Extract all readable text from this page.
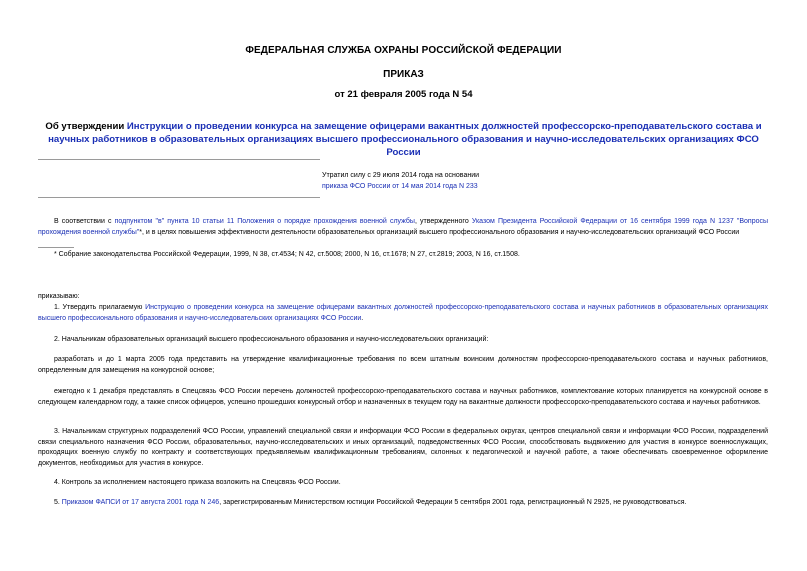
ФЕДЕРАЛЬНАЯ СЛУЖБА ОХРАНЫ РОССИЙСКОЙ ФЕДЕРАЦИИ
ПРИКАЗ
от 21 февраля 2005 года N 54
Об утверждении Инструкции о проведении конкурса на замещение офицерами вакантных должностей профессорско-преподавательского состава и научных работников в образовательных организациях высшего профессионального образования и научно-исследовательских организациях ФСО России
Утратил силу с 29 июля 2014 года на основании
приказа ФСО России от 14 мая 2014 года N 233
В соответствии с подпунктом "в" пункта 10 статьи 11 Положения о порядке прохождения военной службы, утвержденного Указом Президента Российской Федерации от 16 сентября 1999 года N 1237 "Вопросы прохождения военной службы"*, и в целях повышения эффективности деятельности образовательных организаций высшего профессионального образования и научно-исследовательских организаций ФСО России
* Собрание законодательства Российской Федерации, 1999, N 38, ст.4534; N 42, ст.5008; 2000, N 16, ст.1678; N 27, ст.2819; 2003, N 16, ст.1508.
приказываю:
1. Утвердить прилагаемую Инструкцию о проведении конкурса на замещение офицерами вакантных должностей профессорско-преподавательского состава и научных работников в образовательных организациях высшего профессионального образования и научно-исследовательских организациях ФСО России.
2. Начальникам образовательных организаций высшего профессионального образования и научно-исследовательских организаций:
разработать и до 1 марта 2005 года представить на утверждение квалификационные требования по всем штатным воинским должностям профессорско-преподавательского состава и научных работников, определенным для замещения на конкурсной основе;
ежегодно к 1 декабря представлять в Спецсвязь ФСО России перечень должностей профессорско-преподавательского состава и научных работников, комплектование которых планируется на конкурсной основе в следующем календарном году, а также список офицеров, успешно прошедших конкурсный отбор и назначенных в текущем году на вакантные должности профессорско-преподавательского состава и научных работников.
3. Начальникам структурных подразделений ФСО России, управлений специальной связи и информации ФСО России в федеральных округах, центров специальной связи и информации ФСО России, подразделений связи специального назначения ФСО России, образовательных, научно-исследовательских и иных организаций, подведомственных ФСО России, способствовать выдвижению для участия в конкурсе военнослужащих, проходящих военную службу по контракту и соответствующих предъявляемым квалификационным требованиям, склонных к педагогической и научной работе, а также обеспечивать своевременное оформление документов, необходимых для участия в конкурсе.
4. Контроль за исполнением настоящего приказа возложить на Спецсвязь ФСО России.
5. Приказом ФАПСИ от 17 августа 2001 года N 246, зарегистрированным Министерством юстиции Российской Федерации 5 сентября 2001 года, регистрационный N 2925, не руководствоваться.
